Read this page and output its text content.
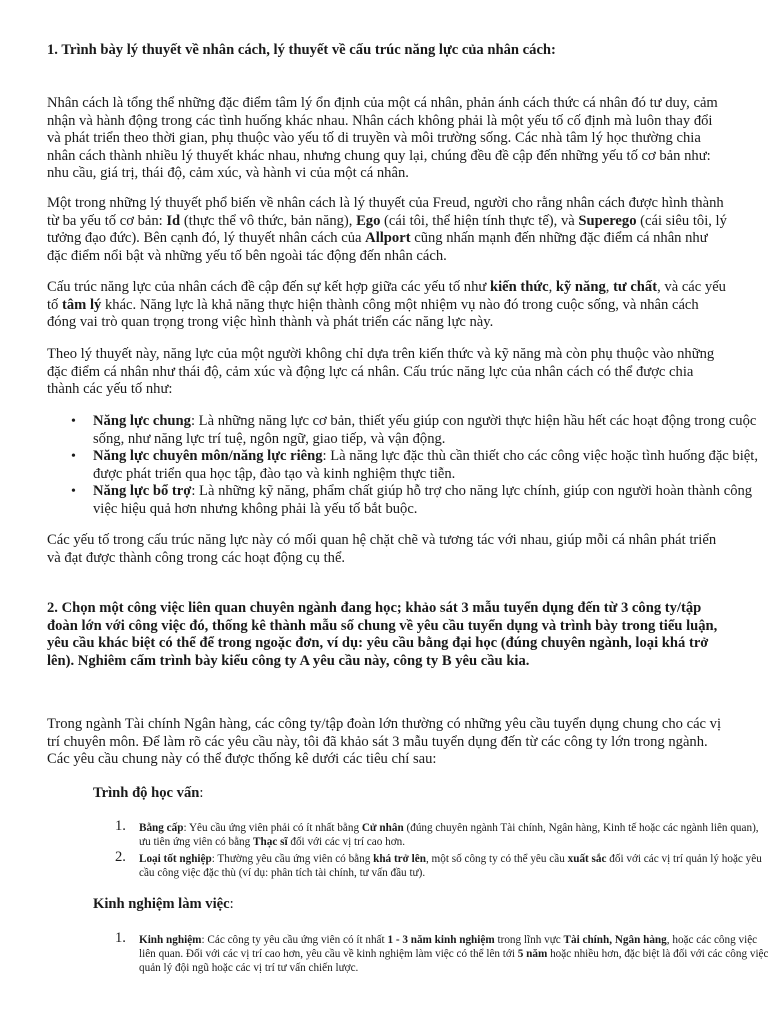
1. Trình bày lý thuyết về nhân cách, lý thuyết về cấu trúc năng lực của nhân cách:

Nhân cách là tổng thể những đặc điểm tâm lý ổn định của một cá nhân, phản ánh cách thức cá nhân đó tư duy, cảm nhận và hành động trong các tình huống khác nhau. Nhân cách không phải là một yếu tố cố định mà luôn thay đổi và phát triển theo thời gian, phụ thuộc vào yếu tố di truyền và môi trường sống. Các nhà tâm lý học thường chia nhân cách thành nhiều lý thuyết khác nhau, nhưng chung quy lại, chúng đều đề cập đến những yếu tố cơ bản như: nhu cầu, giá trị, thái độ, cảm xúc, và hành vi của một cá nhân.

Một trong những lý thuyết phổ biến về nhân cách là lý thuyết của Freud, người cho rằng nhân cách được hình thành từ ba yếu tố cơ bản: Id (thực thể vô thức, bản năng), Ego (cái tôi, thể hiện tính thực tế), và Superego (cái siêu tôi, lý tưởng đạo đức). Bên cạnh đó, lý thuyết nhân cách của Allport cũng nhấn mạnh đến những đặc điểm cá nhân như đặc điểm nổi bật và những yếu tố bên ngoài tác động đến nhân cách.

Cấu trúc năng lực của nhân cách đề cập đến sự kết hợp giữa các yếu tố như kiến thức, kỹ năng, tư chất, và các yếu tố tâm lý khác. Năng lực là khả năng thực hiện thành công một nhiệm vụ nào đó trong cuộc sống, và nhân cách đóng vai trò quan trọng trong việc hình thành và phát triển các năng lực này.

Theo lý thuyết này, năng lực của một người không chỉ dựa trên kiến thức và kỹ năng mà còn phụ thuộc vào những đặc điểm cá nhân như thái độ, cảm xúc và động lực cá nhân. Cấu trúc năng lực của nhân cách có thể được chia thành các yếu tố như:

• Năng lực chung: Là những năng lực cơ bản, thiết yếu giúp con người thực hiện hầu hết các hoạt động trong cuộc sống, như năng lực trí tuệ, ngôn ngữ, giao tiếp, và vận động.
• Năng lực chuyên môn/năng lực riêng: Là năng lực đặc thù cần thiết cho các công việc hoặc tình huống đặc biệt, được phát triển qua học tập, đào tạo và kinh nghiệm thực tiễn.
• Năng lực bổ trợ: Là những kỹ năng, phẩm chất giúp hỗ trợ cho năng lực chính, giúp con người hoàn thành công việc hiệu quả hơn nhưng không phải là yếu tố bắt buộc.

Các yếu tố trong cấu trúc năng lực này có mối quan hệ chặt chẽ và tương tác với nhau, giúp mỗi cá nhân phát triển và đạt được thành công trong các hoạt động cụ thể.

2. Chọn một công việc liên quan chuyên ngành đang học; khảo sát 3 mẫu tuyển dụng đến từ 3 công ty/tập đoàn lớn với công việc đó, thống kê thành mẫu số chung về yêu cầu tuyển dụng và trình bày trong tiểu luận, yêu cầu khác biệt có thể để trong ngoặc đơn, ví dụ: yêu cầu bằng đại học (đúng chuyên ngành, loại khá trở lên). Nghiêm cấm trình bày kiểu công ty A yêu cầu này, công ty B yêu cầu kia.

Trong ngành Tài chính Ngân hàng, các công ty/tập đoàn lớn thường có những yêu cầu tuyển dụng chung cho các vị trí chuyên môn. Để làm rõ các yêu cầu này, tôi đã khảo sát 3 mẫu tuyển dụng đến từ các công ty lớn trong ngành. Các yêu cầu chung này có thể được thống kê dưới các tiêu chí sau:

Trình độ học vấn:
1. Bằng cấp: Yêu cầu ứng viên phải có ít nhất bằng Cử nhân (đúng chuyên ngành Tài chính, Ngân hàng, Kinh tế hoặc các ngành liên quan), ưu tiên ứng viên có bằng Thạc sĩ đối với các vị trí cao hơn.
2. Loại tốt nghiệp: Thường yêu cầu ứng viên có bằng khá trở lên, một số công ty có thể yêu cầu xuất sắc đối với các vị trí quản lý hoặc yêu cầu công việc đặc thù (ví dụ: phân tích tài chính, tư vấn đầu tư).
Kinh nghiệm làm việc:
1. Kinh nghiệm: Các công ty yêu cầu ứng viên có ít nhất 1 - 3 năm kinh nghiệm trong lĩnh vực Tài chính, Ngân hàng, hoặc các công việc liên quan. Đối với các vị trí cao hơn, yêu cầu về kinh nghiệm làm việc có thể lên tới 5 năm hoặc nhiều hơn, đặc biệt là đối với các công việc quản lý đội ngũ hoặc các vị trí tư vấn chiến lược.
